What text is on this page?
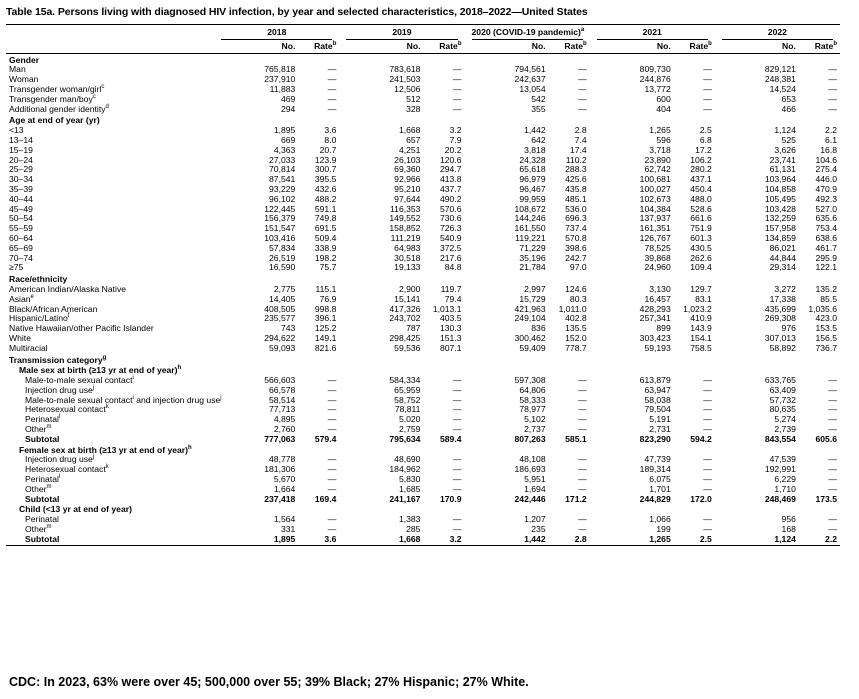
Table 15a. Persons living with diagnosed HIV infection, by year and selected characteristics, 2018–2022—United States

	2018		2019		2020 (COVID-19 pandemic)$^a$		2021		2022	

	No.	Rate$^b$	No.	Rate$^b$	No.	Rate$^b$	No.	Rate$^b$	No.	Rate$^b$
Gender										
Man	765,818	—	783,618	—	794,561	—	809,730	—	829,121	—
Woman	237,910	—	241,503	—	242,637	—	244,876	—	248,381	—
Transgender woman/girl$^c$	11,883	—	12,506	—	13,054	—	13,772	—	14,524	—
Transgender man/boy$^c$	469	—	512	—	542	—	600	—	653	—
Additional gender identity$^d$	294	—	328	—	355	—	404	—	466	—
Age at end of year (yr)										
<13	1,895	3.6	1,668	3.2	1,442	2.8	1,265	2.5	1,124	2.2
13–14	669	8.0	657	7.9	642	7.4	596	6.8	525	6.1
15–19	4,363	20.7	4,251	20.2	3,818	17.4	3,718	17.2	3,626	16.8
20–24	27,033	123.9	26,103	120.6	24,328	110.2	23,890	106.2	23,741	104.6
25–29	70,814	300.7	69,360	294.7	65,618	288.3	62,742	280.2	61,131	275.4
30–34	87,541	395.5	92,966	413.8	96,979	425.6	100,681	437.1	103,964	446.0
35–39	93,229	432.6	95,210	437.7	96,467	435.8	100,027	450.4	104,858	470.9
40–44	96,102	488.2	97,644	490.2	99,959	485.1	102,673	488.0	105,495	492.3
45–49	122,445	591.1	116,353	570.6	108,672	536.0	104,384	528.6	103,428	527.0
50–54	156,379	749.8	149,552	730.6	144,246	696.3	137,937	661.6	132,259	635.6
55–59	151,547	691.5	158,852	726.3	161,550	737.4	161,351	751.9	157,958	753.4
60–64	103,416	509.4	111,219	540.9	119,221	570.8	126,767	601.3	134,859	638.6
65–69	57,834	338.9	64,983	372.5	71,229	398.6	78,525	430.5	86,021	461.7
70–74	26,519	198.2	30,518	217.6	35,196	242.7	39,868	262.6	44,844	295.9
≥75	16,590	75.7	19,133	84.8	21,784	97.0	24,960	109.4	29,314	122.1
Race/ethnicity										
American Indian/Alaska Native	2,775	115.1	2,900	119.7	2,997	124.6	3,130	129.7	3,272	135.2
Asian$^e$	14,405	76.9	15,141	79.4	15,729	80.3	16,457	83.1	17,338	85.5
Black/African American	408,505	998.8	417,326	1,013.1	421,963	1,011.0	428,293	1,023.2	435,699	1,035.6
Hispanic/Latino$^f$	235,577	396.1	243,702	403.5	249,104	402.8	257,341	410.9	269,308	423.0
Native Hawaiian/other Pacific Islander	743	125.2	787	130.3	836	135.5	899	143.9	976	153.5
White	294,622	149.1	298,425	151.3	300,462	152.0	303,423	154.1	307,013	156.5
Multiracial	59,093	821.6	59,536	807.1	59,409	778.7	59,193	758.5	58,892	736.7
Transmission category$^g$	
Male sex at birth (≥13 yr at end of year)$^h$	
Male-to-male sexual contact$^i$	566,603	—	584,334	—	597,308	—	613,879	—	633,765	—
Injection drug use$^j$	66,578	—	65,959	—	64,806	—	63,947	—	63,409	—
Male-to-male sexual contact$^i$ and injection drug use$^j$	58,514	—	58,752	—	58,333	—	58,038	—	57,732	—
Heterosexual contact$^k$	77,713	—	78,811	—	78,977	—	79,504	—	80,635	—
Perinatal$^l$	4,895	—	5,020	—	5,102	—	5,191	—	5,274	—
Other$^m$	2,760	—	2,759	—	2,737	—	2,731	—	2,739	—
Subtotal	777,063	579.4	795,634	589.4	807,263	585.1	823,290	594.2	843,554	605.6
Female sex at birth (≥13 yr at end of year)$^h$	
Injection drug use$^j$	48,778	—	48,690	—	48,108	—	47,739	—	47,539	—
Heterosexual contact$^k$	181,306	—	184,962	—	186,693	—	189,314	—	192,991	—
Perinatal$^l$	5,670	—	5,830	—	5,951	—	6,075	—	6,229	—
Other$^m$	1,664	—	1,685	—	1,694	—	1,701	—	1,710	—
Subtotal	237,418	169.4	241,167	170.9	242,446	171.2	244,829	172.0	248,469	173.5
Child (<13 yr at end of year)										
Perinatal	1,564	—	1,383	—	1,207	—	1,066	—	956	—
Other$^m$	331	—	285	—	235	—	199	—	168	—
Subtotal	1,895	3.6	1,668	3.2	1,442	2.8	1,265	2.5	1,124	2.2
CDC: In 2023, 63% were over 45; 500,000 over 55; 39% Black; 27% Hispanic; 27% White.
